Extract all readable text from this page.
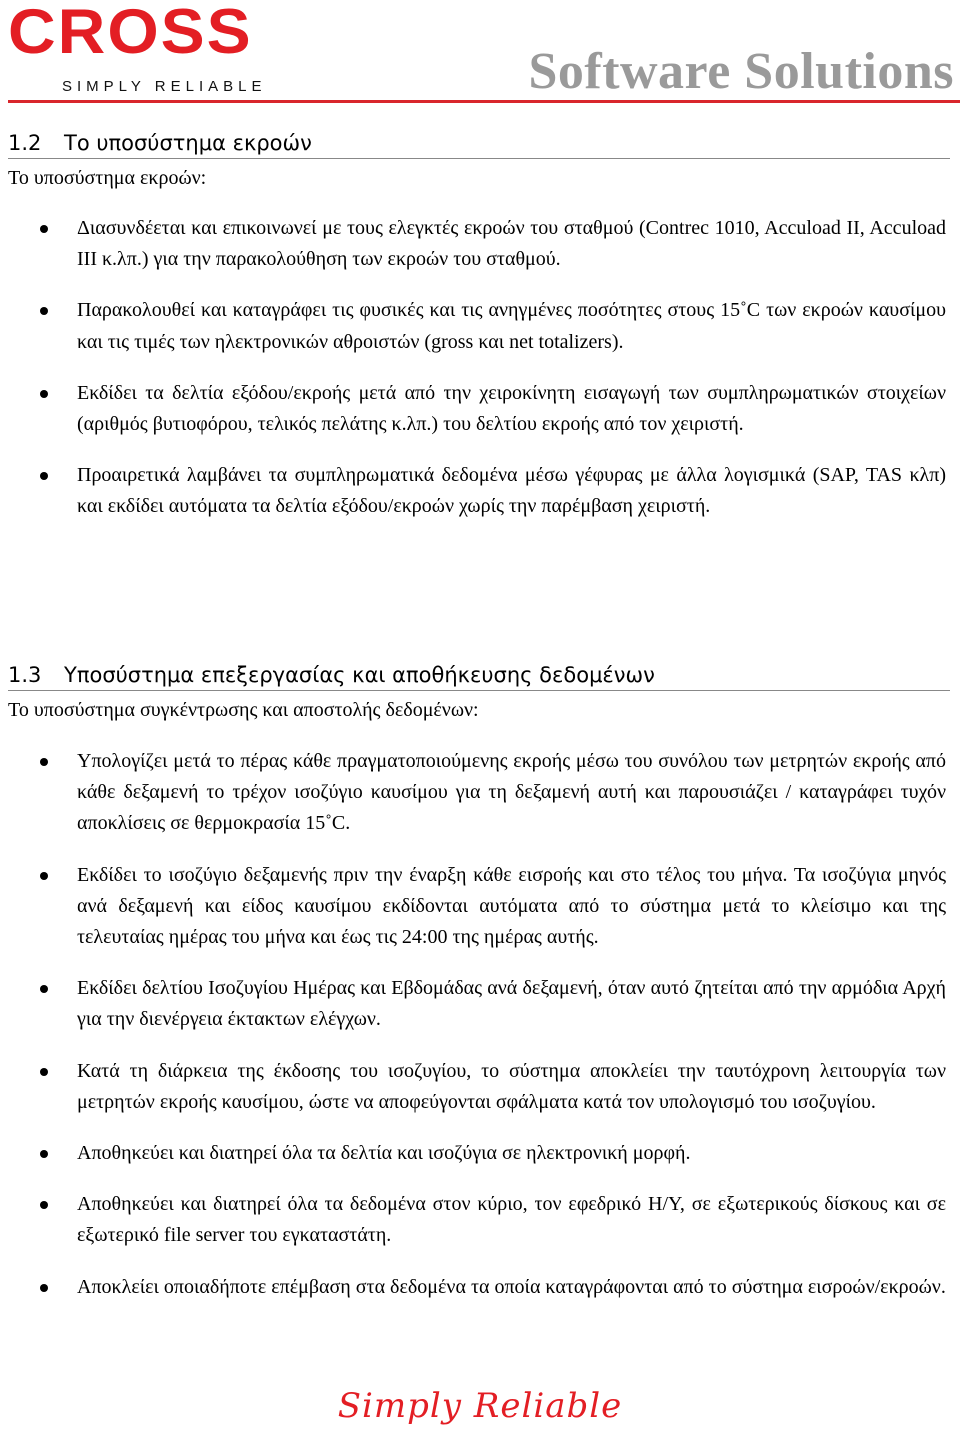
CROSS
SIMPLY RELIABLE	Software Solutions
1.2 Το υποσύστημα εκροών
Το υποσύστημα εκροών:
Διασυνδέεται και επικοινωνεί με τους ελεγκτές εκροών του σταθμού (Contrec 1010, Accuload II, Accuload III κ.λπ.) για την παρακολούθηση των εκροών του σταθμού.
Παρακολουθεί και καταγράφει τις φυσικές και τις ανηγμένες ποσότητες στους 15˚C των εκροών καυσίμου και τις τιμές των ηλεκτρονικών αθροιστών (gross και net totalizers).
Εκδίδει τα δελτία εξόδου/εκροής μετά από την χειροκίνητη εισαγωγή των συμπληρωματικών στοιχείων (αριθμός βυτιοφόρου, τελικός πελάτης κ.λπ.) του δελτίου εκροής από τον χειριστή.
Προαιρετικά λαμβάνει τα συμπληρωματικά δεδομένα μέσω γέφυρας με άλλα λογισμικά (SAP, TAS κλπ) και εκδίδει αυτόματα τα δελτία εξόδου/εκροών χωρίς την παρέμβαση χειριστή.
1.3 Υποσύστημα επεξεργασίας και αποθήκευσης δεδομένων
Το υποσύστημα συγκέντρωσης και αποστολής δεδομένων:
Υπολογίζει μετά το πέρας κάθε πραγματοποιούμενης εκροής μέσω του συνόλου των μετρητών εκροής από κάθε δεξαμενή το τρέχον ισοζύγιο καυσίμου για τη δεξαμενή αυτή και παρουσιάζει / καταγράφει τυχόν αποκλίσεις σε θερμοκρασία 15˚C.
Εκδίδει το ισοζύγιο δεξαμενής πριν την έναρξη κάθε εισροής και στο τέλος του μήνα. Τα ισοζύγια μηνός ανά δεξαμενή και είδος καυσίμου εκδίδονται αυτόματα από το σύστημα μετά το κλείσιμο και της τελευταίας ημέρας του μήνα και έως τις 24:00 της ημέρας αυτής.
Εκδίδει δελτίου Ισοζυγίου Ημέρας και Εβδομάδας ανά δεξαμενή, όταν αυτό ζητείται από την αρμόδια Αρχή για την διενέργεια έκτακτων ελέγχων.
Κατά τη διάρκεια της έκδοσης του ισοζυγίου, το σύστημα αποκλείει την ταυτόχρονη λειτουργία των μετρητών εκροής καυσίμου, ώστε να αποφεύγονται σφάλματα κατά τον υπολογισμό του ισοζυγίου.
Αποθηκεύει και διατηρεί όλα τα δελτία και ισοζύγια σε ηλεκτρονική μορφή.
Αποθηκεύει και διατηρεί όλα τα δεδομένα στον κύριο, τον εφεδρικό Η/Υ, σε εξωτερικούς δίσκους και σε εξωτερικό file server του εγκαταστάτη.
Αποκλείει οποιαδήποτε επέμβαση στα δεδομένα τα οποία καταγράφονται από το σύστημα εισροών/εκροών.
Simply Reliable
